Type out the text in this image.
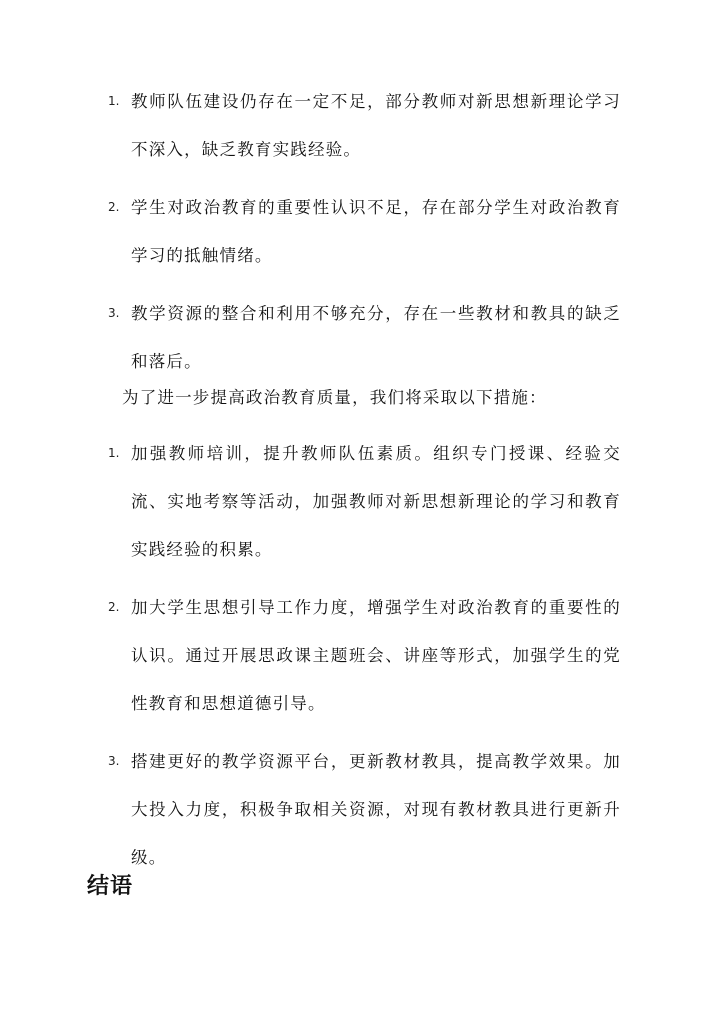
1. 教师队伍建设仍存在一定不足，部分教师对新思想新理论学习不深入，缺乏教育实践经验。
2. 学生对政治教育的重要性认识不足，存在部分学生对政治教育学习的抵触情绪。
3. 教学资源的整合和利用不够充分，存在一些教材和教具的缺乏和落后。

为了进一步提高政治教育质量，我们将采取以下措施：

1. 加强教师培训，提升教师队伍素质。组织专门授课、经验交流、实地考察等活动，加强教师对新思想新理论的学习和教育实践经验的积累。
2. 加大学生思想引导工作力度，增强学生对政治教育的重要性的认识。通过开展思政课主题班会、讲座等形式，加强学生的党性教育和思想道德引导。
3. 搭建更好的教学资源平台，更新教材教具，提高教学效果。加大投入力度，积极争取相关资源，对现有教材教具进行更新升级。
结语
